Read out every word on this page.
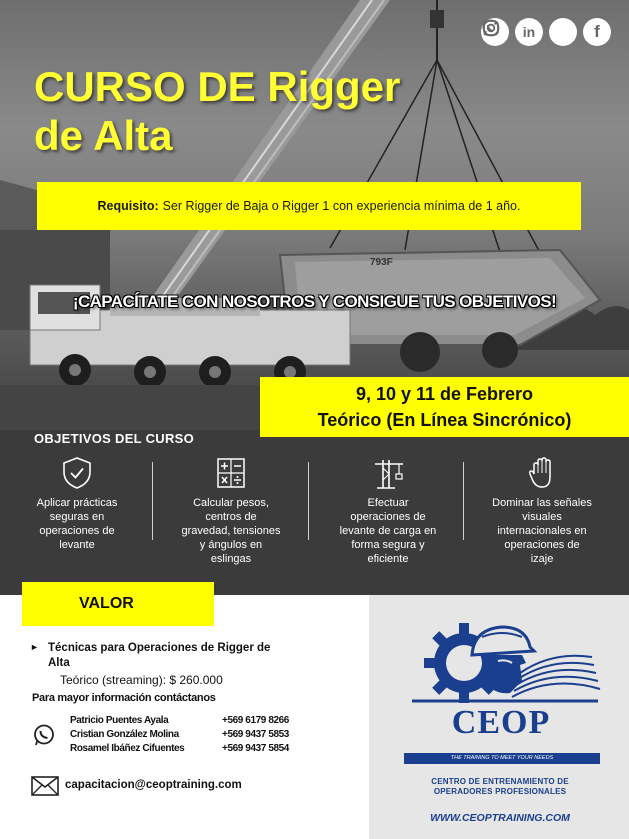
793F
in	f
CURSO DE Rigger
de Alta
Requisito: Ser Rigger de Baja o Rigger 1 con experiencia mínima de 1 año.
¡CAPACÍTATE CON NOSOTROS Y CONSIGUE TUS OBJETIVOS!
OBJETIVOS DEL CURSO
Aplicar prácticas
seguras en
operaciones de
levante
Calcular pesos,
centros de
gravedad, tensiones
y ángulos en
eslingas
Efectuar
operaciones de
levante de carga en
forma segura y
eficiente
Dominar las señales
visuales
internacionales en
operaciones de
izaje
9, 10 y 11 de Febrero
Teórico (En Línea Sincrónico)
VALOR
► Técnicas para Operaciones de Rigger de
Alta
Teórico (streaming): $ 260.000
Para mayor información contáctanos
Patricio Puentes Ayala	+569 6179 8266
Cristian González Molina	+569 9437 5853
Rosamel Ibáñez Cifuentes	+569 9437 5854
capacitacion@ceoptraining.com
CEOP
THE TRAINING TO MEET YOUR NEEDS
CENTRO DE ENTRENAMIENTO DE
OPERADORES PROFESIONALES
WWW.CEOPTRAINING.COM
